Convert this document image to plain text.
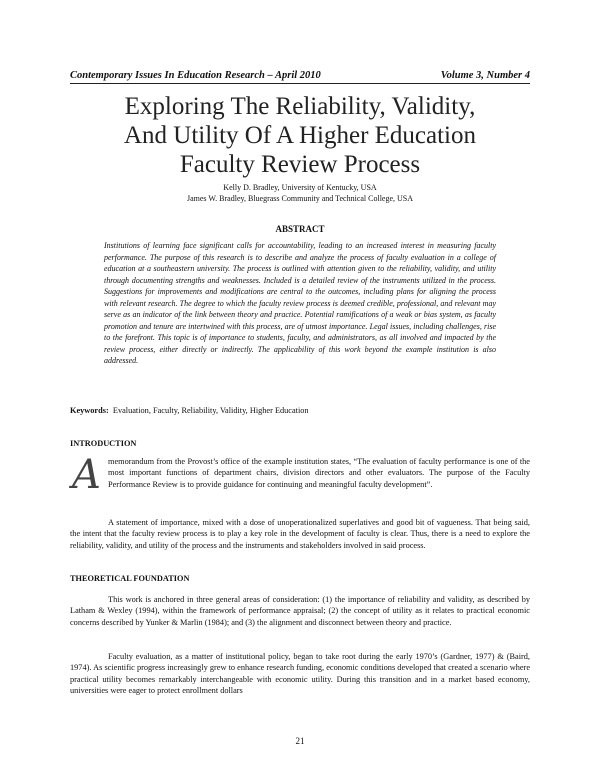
Contemporary Issues In Education Research – April 2010	Volume 3, Number 4
Exploring The Reliability, Validity,
And Utility Of A Higher Education
Faculty Review Process
Kelly D. Bradley, University of Kentucky, USA
James W. Bradley, Bluegrass Community and Technical College, USA
ABSTRACT
Institutions of learning face significant calls for accountability, leading to an increased interest in measuring faculty performance. The purpose of this research is to describe and analyze the process of faculty evaluation in a college of education at a southeastern university. The process is outlined with attention given to the reliability, validity, and utility through documenting strengths and weaknesses. Included is a detailed review of the instruments utilized in the process. Suggestions for improvements and modifications are central to the outcomes, including plans for aligning the process with relevant research. The degree to which the faculty review process is deemed credible, professional, and relevant may serve as an indicator of the link between theory and practice. Potential ramifications of a weak or bias system, as faculty promotion and tenure are intertwined with this process, are of utmost importance. Legal issues, including challenges, rise to the forefront. This topic is of importance to students, faculty, and administrators, as all involved and impacted by the review process, either directly or indirectly. The applicability of this work beyond the example institution is also addressed.
Keywords: Evaluation, Faculty, Reliability, Validity, Higher Education
INTRODUCTION
A memorandum from the Provost’s office of the example institution states, “The evaluation of faculty performance is one of the most important functions of department chairs, division directors and other evaluators. The purpose of the Faculty Performance Review is to provide guidance for continuing and meaningful faculty development”.
A statement of importance, mixed with a dose of unoperationalized superlatives and good bit of vagueness. That being said, the intent that the faculty review process is to play a key role in the development of faculty is clear. Thus, there is a need to explore the reliability, validity, and utility of the process and the instruments and stakeholders involved in said process.
THEORETICAL FOUNDATION
This work is anchored in three general areas of consideration: (1) the importance of reliability and validity, as described by Latham & Wexley (1994), within the framework of performance appraisal; (2) the concept of utility as it relates to practical economic concerns described by Yunker & Marlin (1984); and (3) the alignment and disconnect between theory and practice.
Faculty evaluation, as a matter of institutional policy, began to take root during the early 1970’s (Gardner, 1977) & (Baird, 1974). As scientific progress increasingly grew to enhance research funding, economic conditions developed that created a scenario where practical utility becomes remarkably interchangeable with economic utility. During this transition and in a market based economy, universities were eager to protect enrollment dollars
21
